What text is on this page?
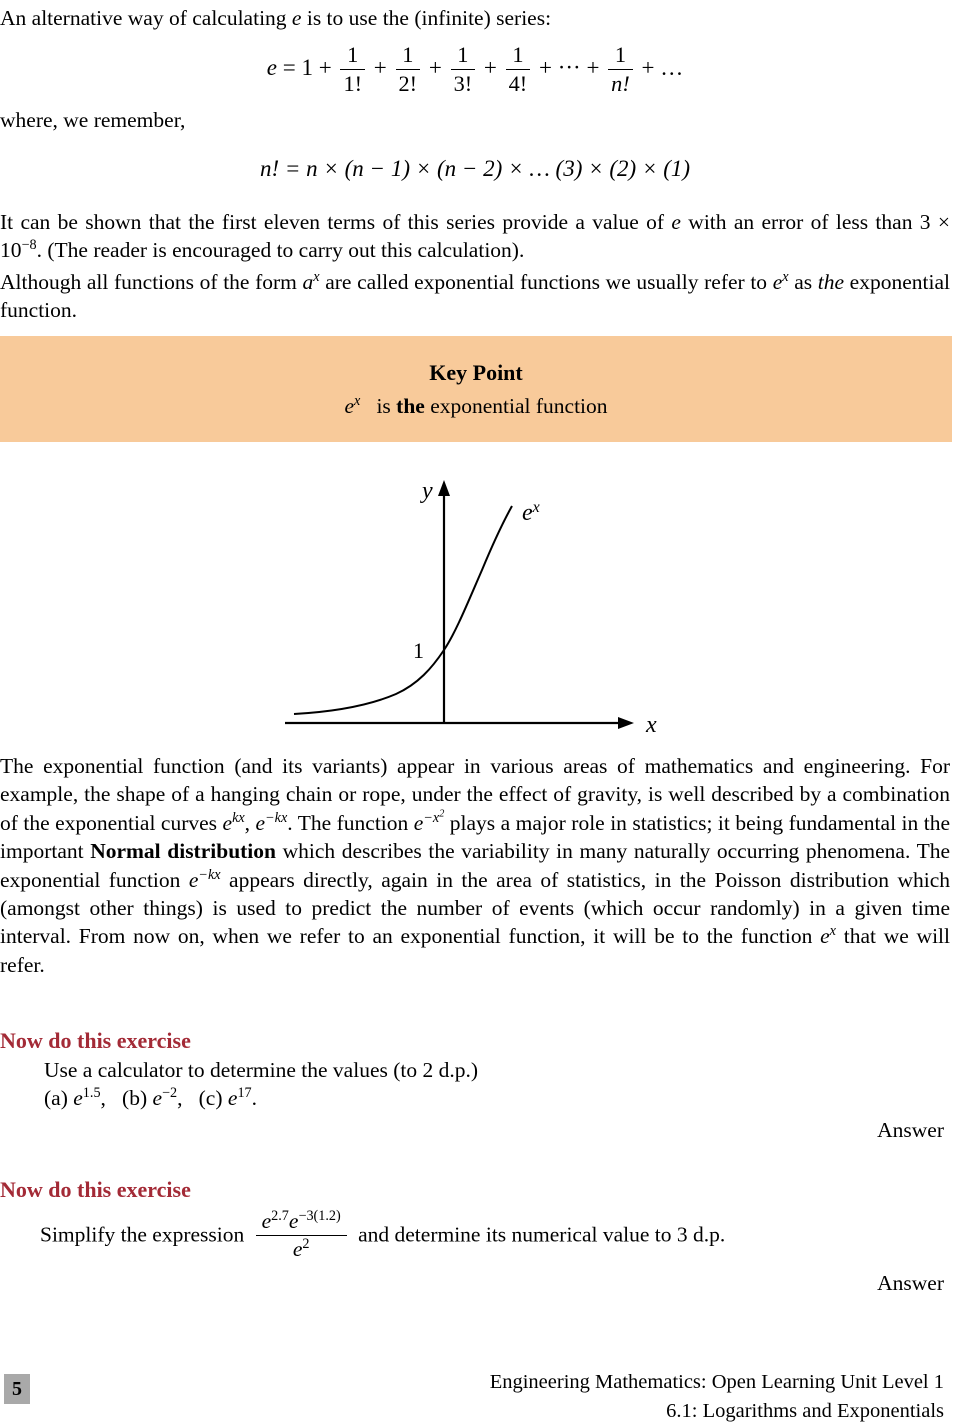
An alternative way of calculating e is to use the (infinite) series:
$e = 1 + \frac{1}{1!} + \frac{1}{2!} + \frac{1}{3!} + \frac{1}{4!}$ + ··· + $\frac{1}{n!}$ + …
where, we remember,
n! = n × (n − 1) × (n − 2) × … (3) × (2) × (1)
It can be shown that the first eleven terms of this series provide a value of e with an error of less than $3 \times 10^{-8}$. (The reader is encouraged to carry out this calculation).
Although all functions of the form $a^x$ are called exponential functions we usually refer to $e^x$ as the exponential function.
Key Point
$e^x$ is the exponential function
y
x
1
$e^x$
The exponential function (and its variants) appear in various areas of mathematics and engineering. For example, the shape of a hanging chain or rope, under the effect of gravity, is well described by a combination of the exponential curves $e^{kx}$, $e^{-kx}$. The function $e^{-x^2}$ plays a major role in statistics; it being fundamental in the important Normal distribution which describes the variability in many naturally occurring phenomena. The exponential function $e^{-kx}$ appears directly, again in the area of statistics, in the Poisson distribution which (amongst other things) is used to predict the number of events (which occur randomly) in a given time interval. From now on, when we refer to an exponential function, it will be to the function $e^x$ that we will refer.
Now do this exercise
Use a calculator to determine the values (to 2 d.p.)
(a) $e^{1.5}$, (b) $e^{-2}$, (c) $e^{17}$.
Answer
Now do this exercise
Simplify the expression $\frac{e^{2.7}e^{-3(1.2)}}{e^2}$ and determine its numerical value to 3 d.p.
Answer
5	Engineering Mathematics: Open Learning Unit Level 1
6.1: Logarithms and Exponentials
